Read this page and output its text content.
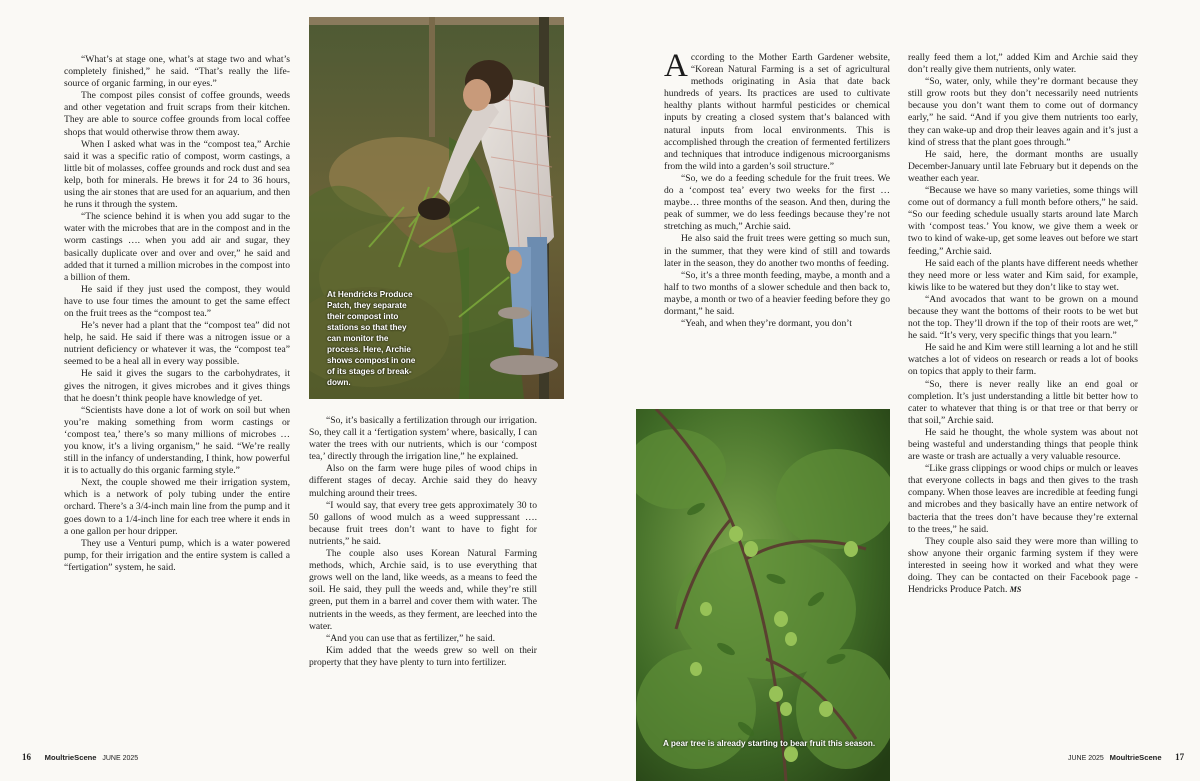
At Hendricks Produce Patch, they separate their compost into stations so that they can monitor the process. Here, Archie shows compost in one of its stages of break-down.
A pear tree is already starting to bear fruit this season.

“What’s at stage one, what’s at stage two and what’s completely finished,” he said. “That’s really the life-source of organic farming, in our eyes.”

The compost piles consist of coffee grounds, weeds and other vegetation and fruit scraps from their kitchen. They are able to source coffee grounds from local coffee shops that would otherwise throw them away.

When I asked what was in the “compost tea,” Archie said it was a specific ratio of compost, worm castings, a little bit of molasses, coffee grounds and rock dust and sea kelp, both for minerals. He brews it for 24 to 36 hours, using the air stones that are used for an aquarium, and then he runs it through the system.

“The science behind it is when you add sugar to the water with the microbes that are in the compost and in the worm castings …. when you add air and sugar, they basically duplicate over and over and over,” he said and added that it turned a million microbes in the compost into a billion of them.

He said if they just used the compost, they would have to use four times the amount to get the same effect on the fruit trees as the “compost tea.”

He’s never had a plant that the “compost tea” did not help, he said. He said if there was a nitrogen issue or a nutrient deficiency or whatever it was, the “compost tea” seemed to be a heal all in every way possible.

He said it gives the sugars to the carbohydrates, it gives the nitrogen, it gives microbes and it gives things that he doesn’t think people have knowledge of yet.

“Scientists have done a lot of work on soil but when you’re making something from worm castings or ‘compost tea,’ there’s so many millions of microbes … you know, it’s a living organism,” he said. “We’re really still in the infancy of understanding, I think, how powerful it is to actually do this organic farming style.”

Next, the couple showed me their irrigation system, which is a network of poly tubing under the entire orchard. There’s a 3/4-inch main line from the pump and it goes down to a 1/4-inch line for each tree where it ends in a one gallon per hour dripper.

They use a Venturi pump, which is a water powered pump, for their irrigation and the entire system is called a “fertigation” system, he said.

“So, it’s basically a fertilization through our irrigation. So, they call it a ‘fertigation system’ where, basically, I can water the trees with our nutrients, which is our ‘compost tea,’ directly through the irrigation line,” he explained.

Also on the farm were huge piles of wood chips in different stages of decay. Archie said they do heavy mulching around their trees.

“I would say, that every tree gets approximately 30 to 50 gallons of wood mulch as a weed suppressant …. because fruit trees don’t want to have to fight for nutrients,” he said.

The couple also uses Korean Natural Farming methods, which, Archie said, is to use everything that grows well on the land, like weeds, as a means to feed the soil. He said, they pull the weeds and, while they’re still green, put them in a barrel and cover them with water. The nutrients in the weeds, as they ferment, are leeched into the water.

“And you can use that as fertilizer,” he said.

Kim added that the weeds grew so well on their property that they have plenty to turn into fertilizer.

According to the Mother Earth Gardener website, “Korean Natural Farming is a set of agricultural methods originating in Asia that date back hundreds of years. Its practices are used to cultivate healthy plants without harmful pesticides or chemical inputs by creating a closed system that’s balanced with natural inputs from local environments. This is accomplished through the creation of fermented fertilizers and techniques that introduce indigenous microorganisms from the wild into a garden’s soil structure.”

“So, we do a feeding schedule for the fruit trees. We do a ‘compost tea’ every two weeks for the first … maybe… three months of the season. And then, during the peak of summer, we do less feedings because they’re not stretching as much,” Archie said.

He also said the fruit trees were getting so much sun, in the summer, that they were kind of still and towards later in the season, they do another two months of feeding.

“So, it’s a three month feeding, maybe, a month and a half to two months of a slower schedule and then back to, maybe, a month or two of a heavier feeding before they go dormant,” he said.

“Yeah, and when they’re dormant, you don’t

really feed them a lot,” added Kim and Archie said they don’t really give them nutrients, only water.

“So, water, only, while they’re dormant because they still grow roots but they don’t necessarily need nutrients because you don’t want them to come out of dormancy early,” he said. “And if you give them nutrients too early, they can wake-up and drop their leaves again and it’s just a kind of stress that the plant goes through.”

He said, here, the dormant months are usually December-January until late February but it depends on the weather each year.

“Because we have so many varieties, some things will come out of dormancy a full month before others,” he said. “So our feeding schedule usually starts around late March with ‘compost teas.’ You know, we give them a week or two to kind of wake-up, get some leaves out before we start feeding,” Archie said.

He said each of the plants have different needs whether they need more or less water and Kim said, for example, kiwis like to be watered but they don’t like to stay wet.

“And avocados that want to be grown on a mound because they want the bottoms of their roots to be wet but not the top. They’ll drown if the top of their roots are wet,” he said. “It’s very, very specific things that you learn.”

He said he and Kim were still learning a lot and he still watches a lot of videos on research or reads a lot of books on topics that apply to their farm.

“So, there is never really like an end goal or completion. It’s just understanding a little bit better how to cater to whatever that thing is or that tree or that berry or that soil,” Archie said.

He said he thought, the whole system was about not being wasteful and understanding things that people think are waste or trash are actually a very valuable resource.

“Like grass clippings or wood chips or mulch or leaves that everyone collects in bags and then gives to the trash company. When those leaves are incredible at feeding fungi and microbes and they basically have an entire network of bacteria that the trees don’t have because they’re external to the trees,” he said.

They couple also said they were more than willing to show anyone their organic farming system if they were interested in seeing how it worked and what they were doing. They can be contacted on their Facebook page - Hendricks Produce Patch. MS

16 MoultrieScene JUNE 2025	JUNE 2025 MoultrieScene 17
